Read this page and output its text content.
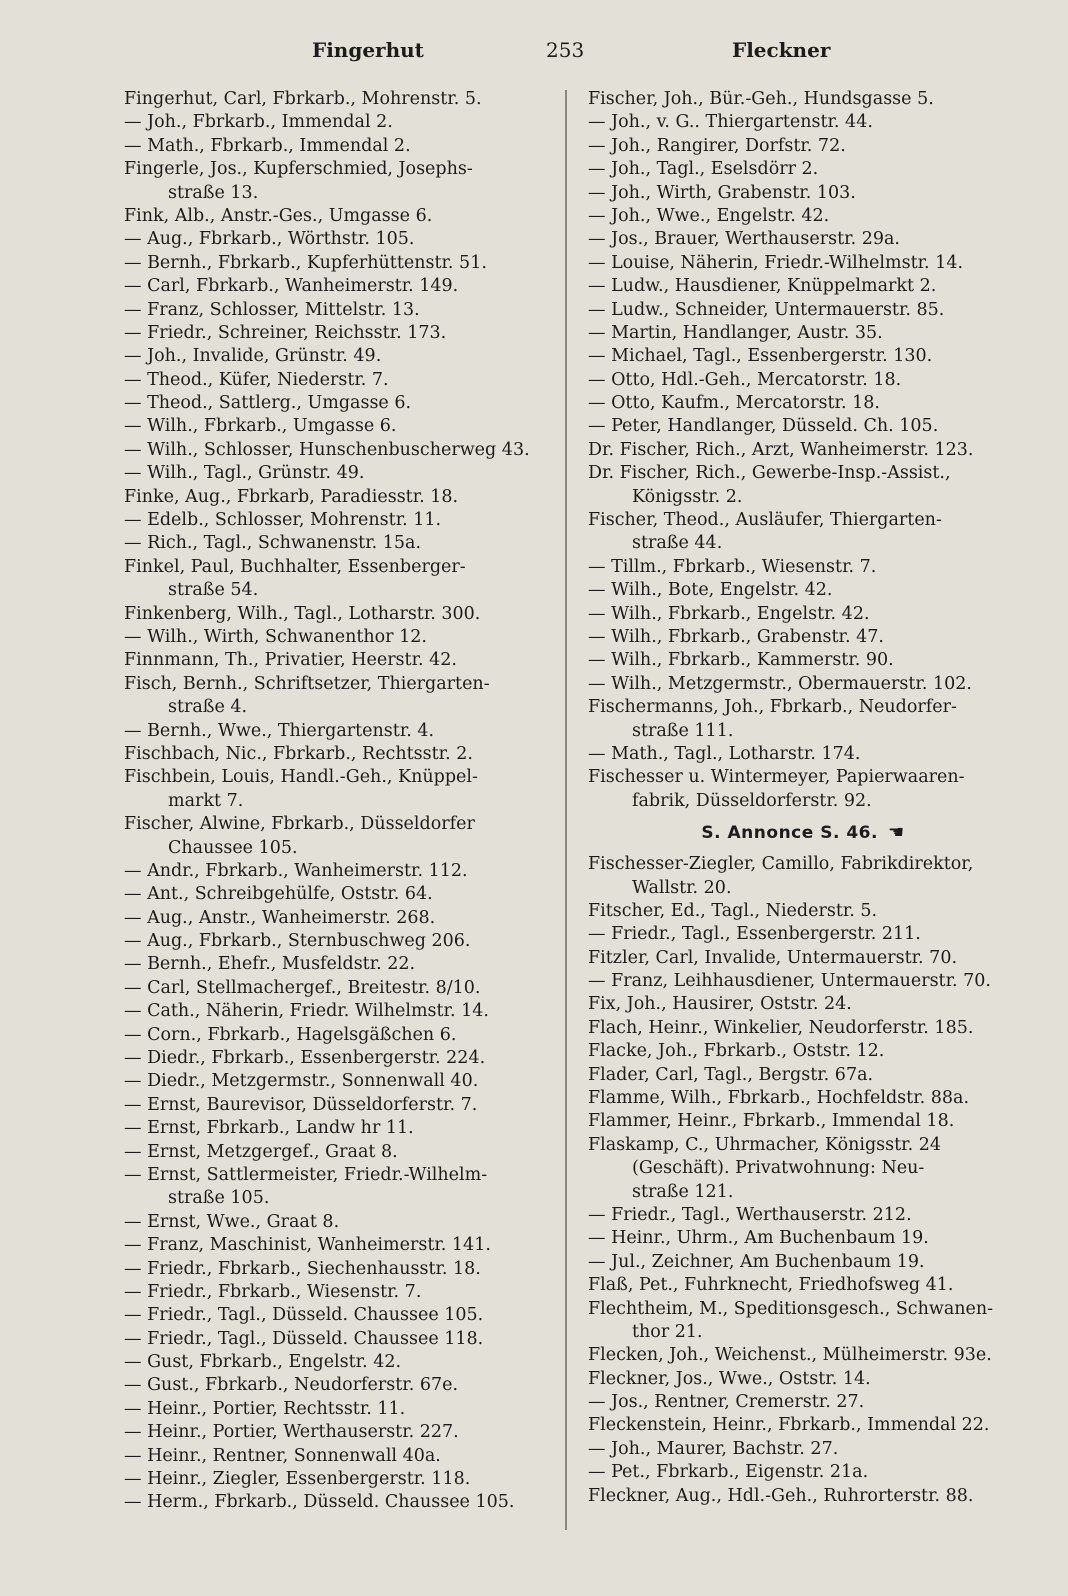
Fingerhut	253	Fleckner
Fingerhut, Carl, Fbrkarb., Mohrenstr. 5.
— Joh., Fbrkarb., Immendal 2.
— Math., Fbrkarb., Immendal 2.
Fingerle, Jos., Kupferschmied, Josephs-
straße 13.
Fink, Alb., Anstr.-Ges., Umgasse 6.
— Aug., Fbrkarb., Wörthstr. 105.
— Bernh., Fbrkarb., Kupferhüttenstr. 51.
— Carl, Fbrkarb., Wanheimerstr. 149.
— Franz, Schlosser, Mittelstr. 13.
— Friedr., Schreiner, Reichsstr. 173.
— Joh., Invalide, Grünstr. 49.
— Theod., Küfer, Niederstr. 7.
— Theod., Sattlerg., Umgasse 6.
— Wilh., Fbrkarb., Umgasse 6.
— Wilh., Schlosser, Hunschenbuscherweg 43.
— Wilh., Tagl., Grünstr. 49.
Finke, Aug., Fbrkarb, Paradiesstr. 18.
— Edelb., Schlosser, Mohrenstr. 11.
— Rich., Tagl., Schwanenstr. 15a.
Finkel, Paul, Buchhalter, Essenberger-
straße 54.
Finkenberg, Wilh., Tagl., Lotharstr. 300.
— Wilh., Wirth, Schwanenthor 12.
Finnmann, Th., Privatier, Heerstr. 42.
Fisch, Bernh., Schriftsetzer, Thiergarten-
straße 4.
— Bernh., Wwe., Thiergartenstr. 4.
Fischbach, Nic., Fbrkarb., Rechtsstr. 2.
Fischbein, Louis, Handl.-Geh., Knüppel-
markt 7.
Fischer, Alwine, Fbrkarb., Düsseldorfer
Chaussee 105.
— Andr., Fbrkarb., Wanheimerstr. 112.
— Ant., Schreibgehülfe, Oststr. 64.
— Aug., Anstr., Wanheimerstr. 268.
— Aug., Fbrkarb., Sternbuschweg 206.
— Bernh., Ehefr., Musfeldstr. 22.
— Carl, Stellmachergef., Breitestr. 8/10.
— Cath., Näherin, Friedr. Wilhelmstr. 14.
— Corn., Fbrkarb., Hagelsgäßchen 6.
— Diedr., Fbrkarb., Essenbergerstr. 224.
— Diedr., Metzgermstr., Sonnenwall 40.
— Ernst, Baurevisor, Düsseldorferstr. 7.
— Ernst, Fbrkarb., Landw hr 11.
— Ernst, Metzgergef., Graat 8.
— Ernst, Sattlermeister, Friedr.-Wilhelm-
straße 105.
— Ernst, Wwe., Graat 8.
— Franz, Maschinist, Wanheimerstr. 141.
— Friedr., Fbrkarb., Siechenhausstr. 18.
— Friedr., Fbrkarb., Wiesenstr. 7.
— Friedr., Tagl., Düsseld. Chaussee 105.
— Friedr., Tagl., Düsseld. Chaussee 118.
— Gust, Fbrkarb., Engelstr. 42.
— Gust., Fbrkarb., Neudorferstr. 67e.
— Heinr., Portier, Rechtsstr. 11.
— Heinr., Portier, Werthauserstr. 227.
— Heinr., Rentner, Sonnenwall 40a.
— Heinr., Ziegler, Essenbergerstr. 118.
— Herm., Fbrkarb., Düsseld. Chaussee 105.
Fischer, Joh., Bür.-Geh., Hundsgasse 5.
— Joh., v. G.. Thiergartenstr. 44.
— Joh., Rangirer, Dorfstr. 72.
— Joh., Tagl., Eselsdörr 2.
— Joh., Wirth, Grabenstr. 103.
— Joh., Wwe., Engelstr. 42.
— Jos., Brauer, Werthauserstr. 29a.
— Louise, Näherin, Friedr.-Wilhelmstr. 14.
— Ludw., Hausdiener, Knüppelmarkt 2.
— Ludw., Schneider, Untermauerstr. 85.
— Martin, Handlanger, Austr. 35.
— Michael, Tagl., Essenbergerstr. 130.
— Otto, Hdl.-Geh., Mercatorstr. 18.
— Otto, Kaufm., Mercatorstr. 18.
— Peter, Handlanger, Düsseld. Ch. 105.
Dr. Fischer, Rich., Arzt, Wanheimerstr. 123.
Dr. Fischer, Rich., Gewerbe-Insp.-Assist.,
Königsstr. 2.
Fischer, Theod., Ausläufer, Thiergarten-
straße 44.
— Tillm., Fbrkarb., Wiesenstr. 7.
— Wilh., Bote, Engelstr. 42.
— Wilh., Fbrkarb., Engelstr. 42.
— Wilh., Fbrkarb., Grabenstr. 47.
— Wilh., Fbrkarb., Kammerstr. 90.
— Wilh., Metzgermstr., Obermauerstr. 102.
Fischermanns, Joh., Fbrkarb., Neudorfer-
straße 111.
— Math., Tagl., Lotharstr. 174.
Fischesser u. Wintermeyer, Papierwaaren-
fabrik, Düsseldorferstr. 92.
S. Annonce S. 46. ☚
Fischesser-Ziegler, Camillo, Fabrikdirektor,
Wallstr. 20.
Fitscher, Ed., Tagl., Niederstr. 5.
— Friedr., Tagl., Essenbergerstr. 211.
Fitzler, Carl, Invalide, Untermauerstr. 70.
— Franz, Leihhausdiener, Untermauerstr. 70.
Fix, Joh., Hausirer, Oststr. 24.
Flach, Heinr., Winkelier, Neudorferstr. 185.
Flacke, Joh., Fbrkarb., Oststr. 12.
Flader, Carl, Tagl., Bergstr. 67a.
Flamme, Wilh., Fbrkarb., Hochfeldstr. 88a.
Flammer, Heinr., Fbrkarb., Immendal 18.
Flaskamp, C., Uhrmacher, Königsstr. 24
(Geschäft). Privatwohnung: Neu-
straße 121.
— Friedr., Tagl., Werthauserstr. 212.
— Heinr., Uhrm., Am Buchenbaum 19.
— Jul., Zeichner, Am Buchenbaum 19.
Flaß, Pet., Fuhrknecht, Friedhofsweg 41.
Flechtheim, M., Speditionsgesch., Schwanen-
thor 21.
Flecken, Joh., Weichenst., Mülheimerstr. 93e.
Fleckner, Jos., Wwe., Oststr. 14.
— Jos., Rentner, Cremerstr. 27.
Fleckenstein, Heinr., Fbrkarb., Immendal 22.
— Joh., Maurer, Bachstr. 27.
— Pet., Fbrkarb., Eigenstr. 21a.
Fleckner, Aug., Hdl.-Geh., Ruhrorterstr. 88.
